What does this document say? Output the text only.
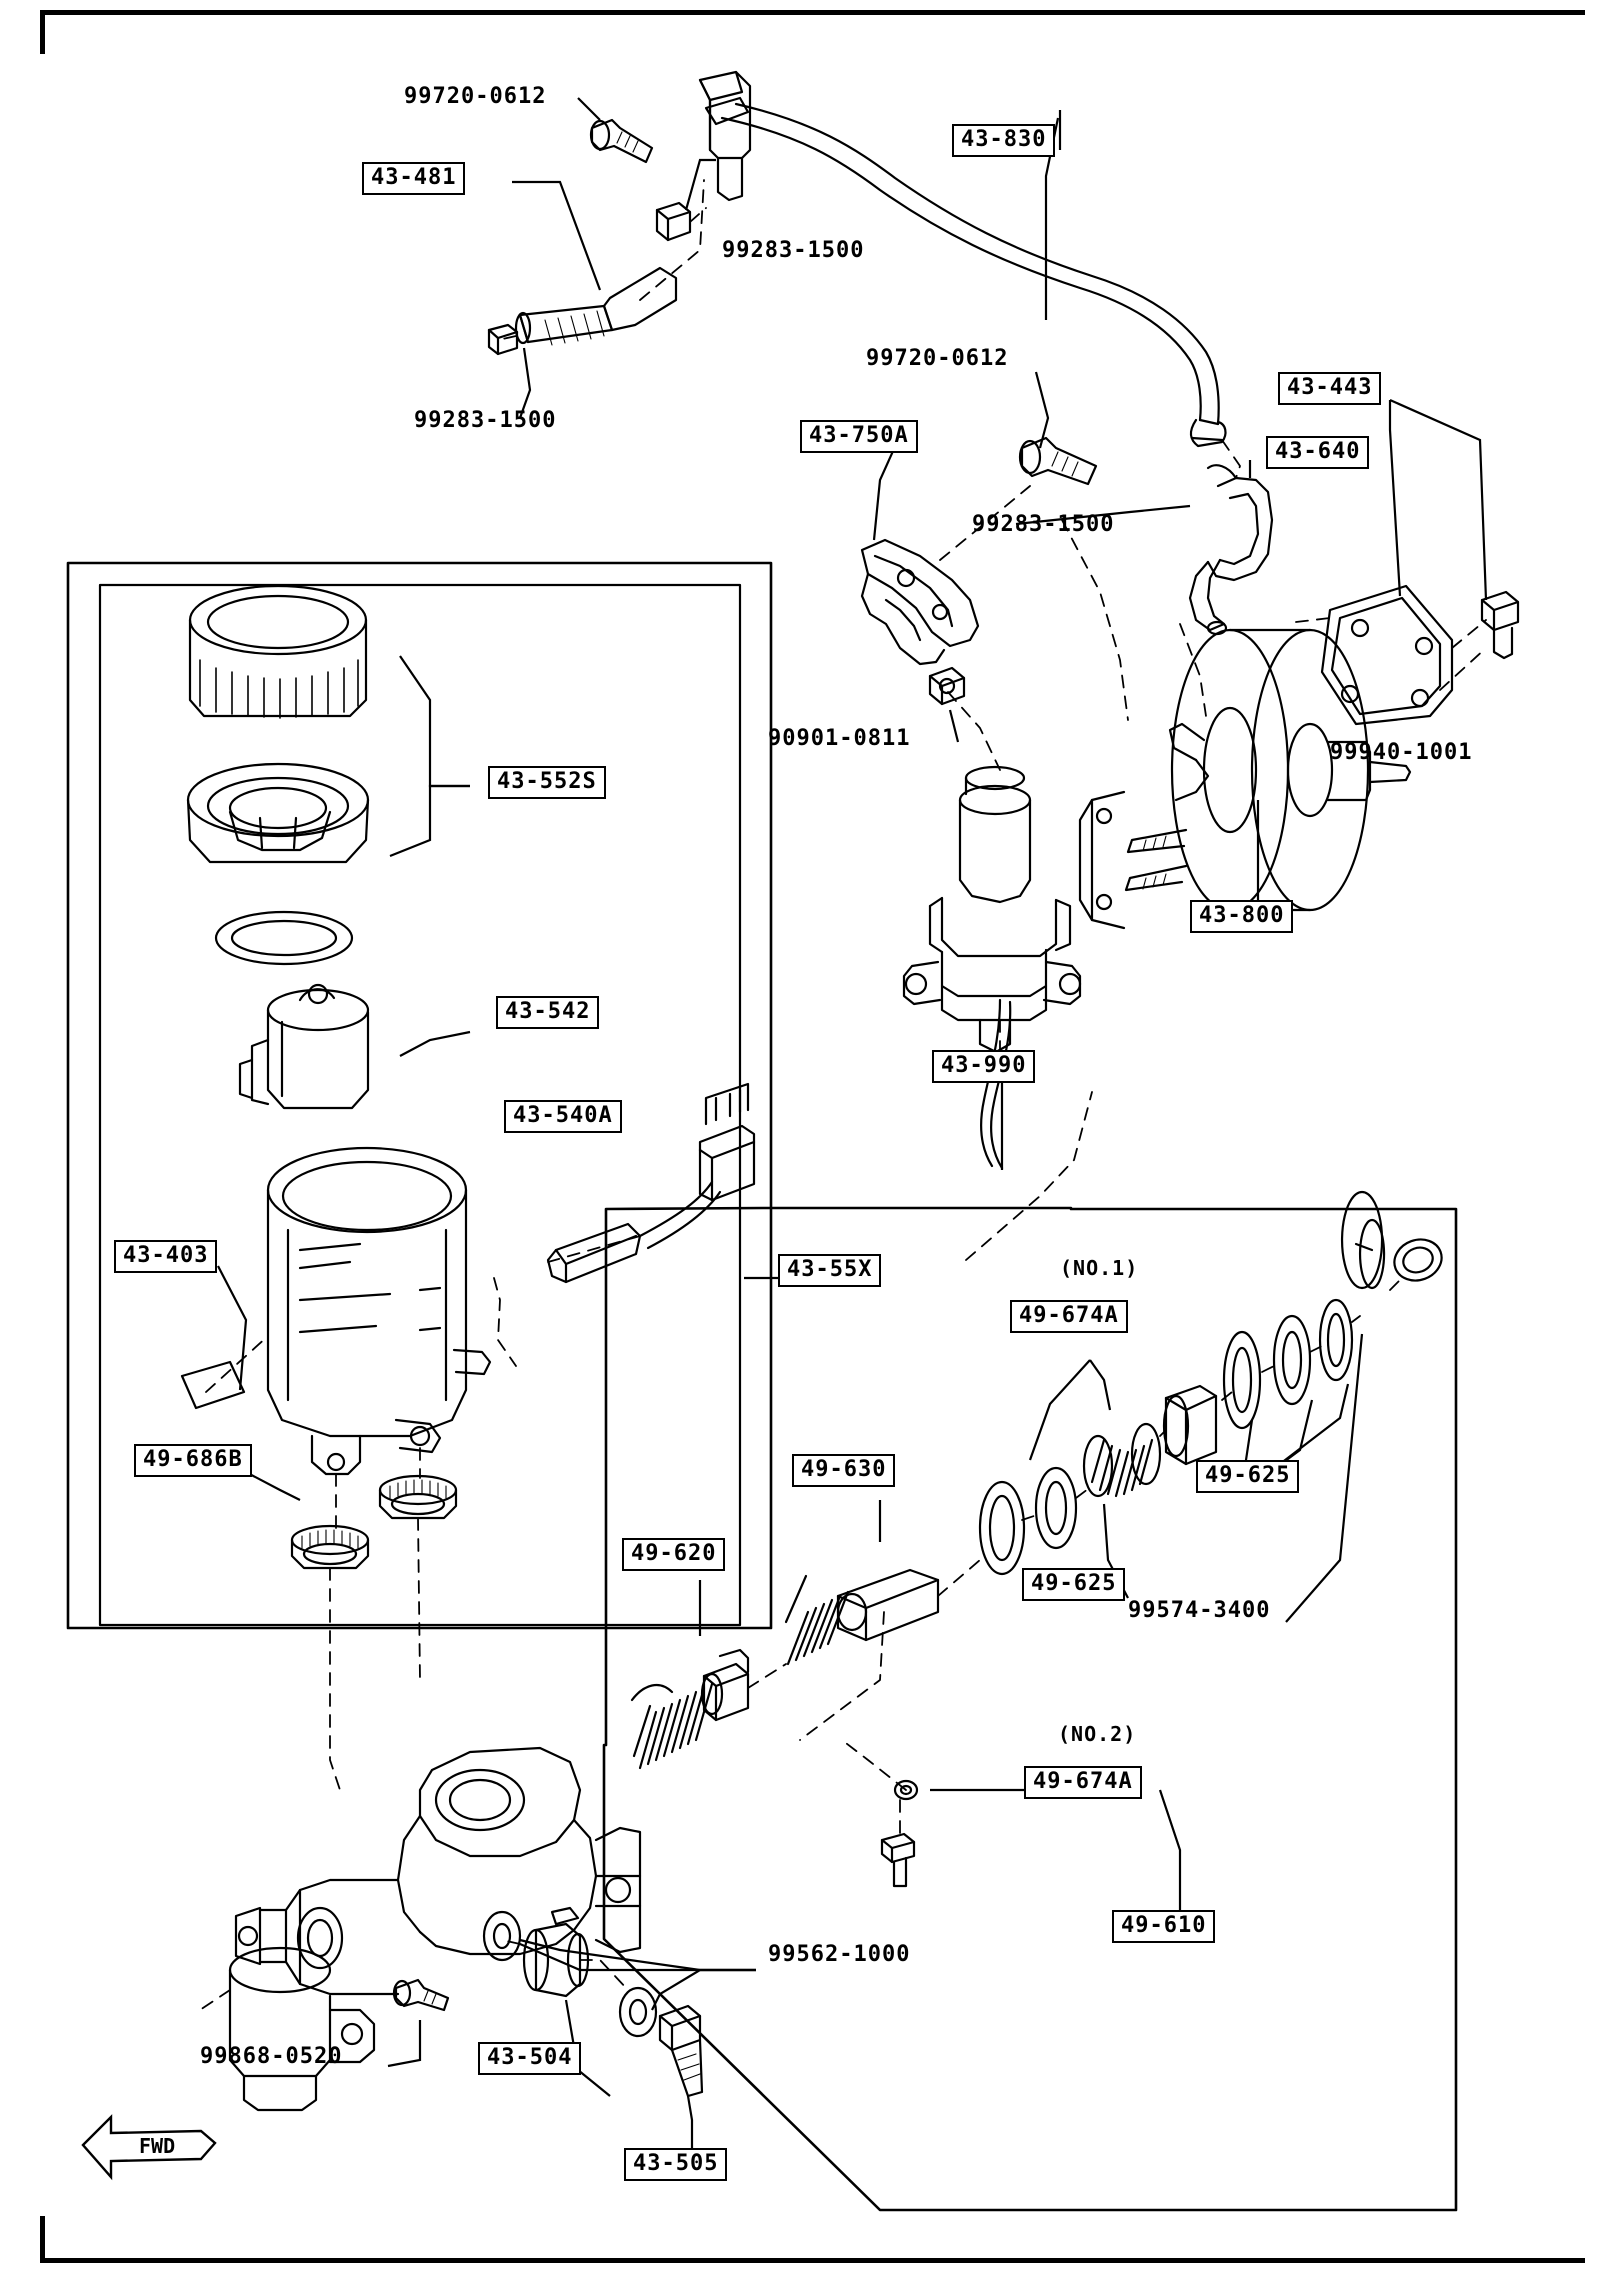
99720-0612
43-481
43-830
99283-1500
99283-1500
99720-0612
43-443
43-750A
43-640
99283-1500
99940-1001
90901-0811
43-800
43-990
43-552S
43-542
43-540A
43-403
43-55X
49-686B
49-674A
49-625
49-625
99574-3400
49-630
49-620
49-674A
49-610
99562-1000
99868-0520	43-504
43-505
(NO.1)
(NO.2)
FWD
